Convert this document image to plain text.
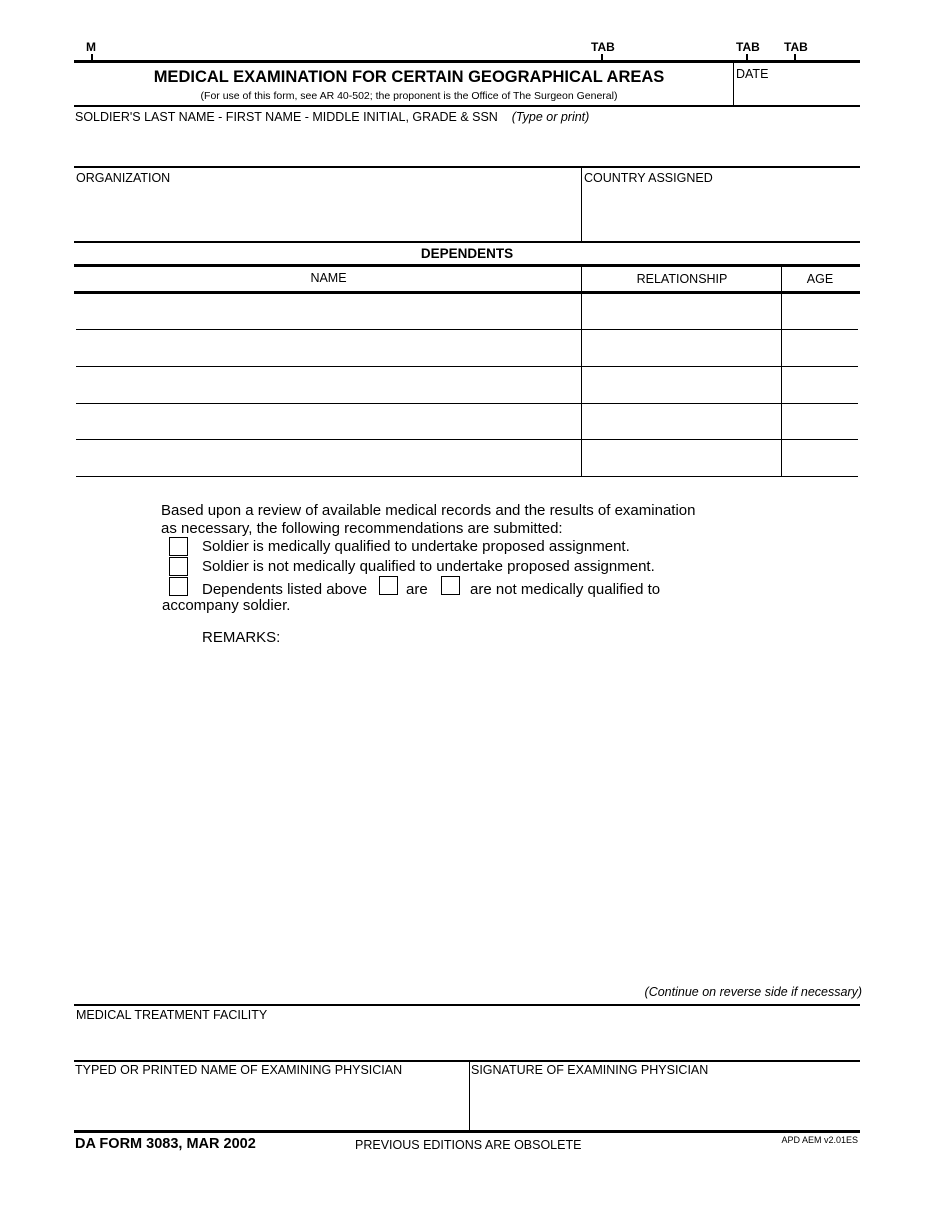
M	TAB	TAB TAB
MEDICAL EXAMINATION FOR CERTAIN GEOGRAPHICAL AREAS
(For use of this form, see AR 40-502; the proponent is the Office of The Surgeon General)
DATE
SOLDIER'S LAST NAME - FIRST NAME - MIDDLE INITIAL, GRADE & SSN (Type or print)
ORGANIZATION	COUNTRY ASSIGNED
DEPENDENTS
NAME	RELATIONSHIP	AGE
Based upon a review of available medical records and the results of examination
as necessary, the following recommendations are submitted:
Soldier is medically qualified to undertake proposed assignment.
Soldier is not medically qualified to undertake proposed assignment.
Dependents listed above	are	are not medically qualified to
accompany soldier.
REMARKS:
(Continue on reverse side if necessary)
MEDICAL TREATMENT FACILITY
TYPED OR PRINTED NAME OF EXAMINING PHYSICIAN	SIGNATURE OF EXAMINING PHYSICIAN
DA FORM 3083, MAR 2002	PREVIOUS EDITIONS ARE OBSOLETE	APD AEM v2.01ES
